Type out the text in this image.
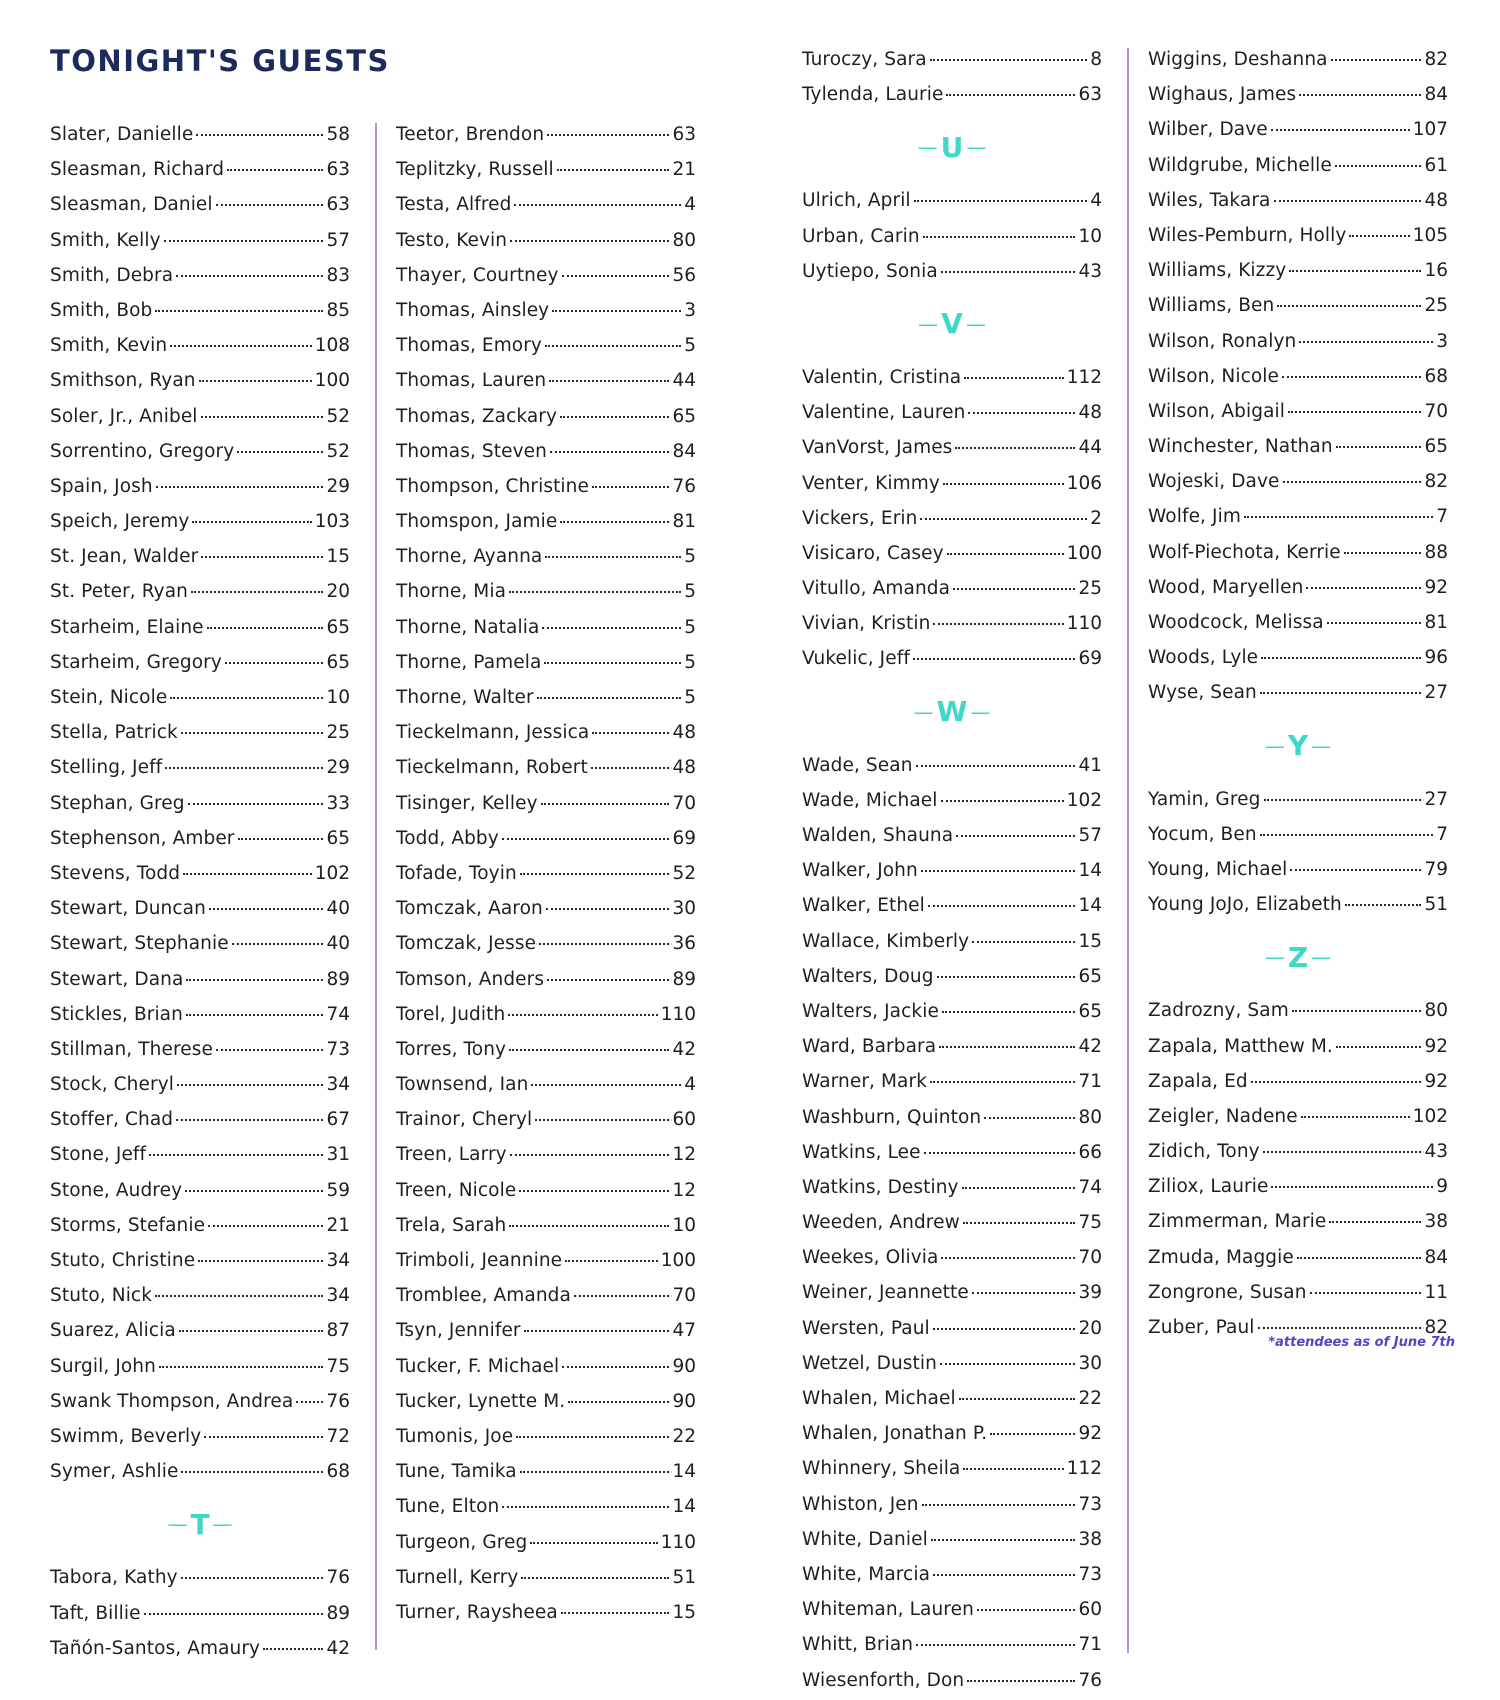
TONIGHT'S GUESTS
Slater, Danielle	58
Sleasman, Richard	63
Sleasman, Daniel	63
Smith, Kelly	57
Smith, Debra	83
Smith, Bob	85
Smith, Kevin	108
Smithson, Ryan	100
Soler, Jr., Anibel	52
Sorrentino, Gregory	52
Spain, Josh	29
Speich, Jeremy	103
St. Jean, Walder	15
St. Peter, Ryan	20
Starheim, Elaine	65
Starheim, Gregory	65
Stein, Nicole	10
Stella, Patrick	25
Stelling, Jeff	29
Stephan, Greg	33
Stephenson, Amber	65
Stevens, Todd	102
Stewart, Duncan	40
Stewart, Stephanie	40
Stewart, Dana	89
Stickles, Brian	74
Stillman, Therese	73
Stock, Cheryl	34
Stoffer, Chad	67
Stone, Jeff	31
Stone, Audrey	59
Storms, Stefanie	21
Stuto, Christine	34
Stuto, Nick	34
Suarez, Alicia	87
Surgil, John	75
Swank Thompson, Andrea 76
Swimm, Beverly	72
Symer, Ashlie	68
— T —
Tabora, Kathy	76
Taft, Billie	89
Tañón-Santos, Amaury	42
Teetor, Brendon	63
Teplitzky, Russell	21
Testa, Alfred	4
Testo, Kevin	80
Thayer, Courtney	56
Thomas, Ainsley	3
Thomas, Emory	5
Thomas, Lauren	44
Thomas, Zackary	65
Thomas, Steven	84
Thompson, Christine	76
Thomspon, Jamie	81
Thorne, Ayanna	5
Thorne, Mia	5
Thorne, Natalia	5
Thorne, Pamela	5
Thorne, Walter	5
Tieckelmann, Jessica	48
Tieckelmann, Robert	48
Tisinger, Kelley	70
Todd, Abby	69
Tofade, Toyin	52
Tomczak, Aaron	30
Tomczak, Jesse	36
Tomson, Anders	89
Torel, Judith	110
Torres, Tony	42
Townsend, Ian	4
Trainor, Cheryl	60
Treen, Larry	12
Treen, Nicole	12
Trela, Sarah	10
Trimboli, Jeannine	100
Tromblee, Amanda	70
Tsyn, Jennifer	47
Tucker, F. Michael	90
Tucker, Lynette M.	90
Tumonis, Joe	22
Tune, Tamika	14
Tune, Elton	14
Turgeon, Greg	110
Turnell, Kerry	51
Turner, Raysheea	15
Turoczy, Sara	8
Tylenda, Laurie	63
— U —
Ulrich, April	4
Urban, Carin	10
Uytiepo, Sonia	43
— V —
Valentin, Cristina	112
Valentine, Lauren	48
VanVorst, James	44
Venter, Kimmy	106
Vickers, Erin	2
Visicaro, Casey	100
Vitullo, Amanda	25
Vivian, Kristin	110
Vukelic, Jeff	69
— W —
Wade, Sean	41
Wade, Michael	102
Walden, Shauna	57
Walker, John	14
Walker, Ethel	14
Wallace, Kimberly	15
Walters, Doug	65
Walters, Jackie	65
Ward, Barbara	42
Warner, Mark	71
Washburn, Quinton	80
Watkins, Lee	66
Watkins, Destiny	74
Weeden, Andrew	75
Weekes, Olivia	70
Weiner, Jeannette	39
Wersten, Paul	20
Wetzel, Dustin	30
Whalen, Michael	22
Whalen, Jonathan P.	92
Whinnery, Sheila	112
Whiston, Jen	73
White, Daniel	38
White, Marcia	73
Whiteman, Lauren	60
Whitt, Brian	71
Wiesenforth, Don	76
Wiggins, Deshanna	82
Wighaus, James	84
Wilber, Dave	107
Wildgrube, Michelle	61
Wiles, Takara	48
Wiles-Pemburn, Holly	105
Williams, Kizzy	16
Williams, Ben	25
Wilson, Ronalyn	3
Wilson, Nicole	68
Wilson, Abigail	70
Winchester, Nathan	65
Wojeski, Dave	82
Wolfe, Jim	7
Wolf-Piechota, Kerrie	88
Wood, Maryellen	92
Woodcock, Melissa	81
Woods, Lyle	96
Wyse, Sean	27
— Y —
Yamin, Greg	27
Yocum, Ben	7
Young, Michael	79
Young JoJo, Elizabeth	51
— Z —
Zadrozny, Sam	80
Zapala, Matthew M.	92
Zapala, Ed	92
Zeigler, Nadene	102
Zidich, Tony	43
Ziliox, Laurie	9
Zimmerman, Marie	38
Zmuda, Maggie	84
Zongrone, Susan	11
Zuber, Paul	82
*attendees as of June 7th
